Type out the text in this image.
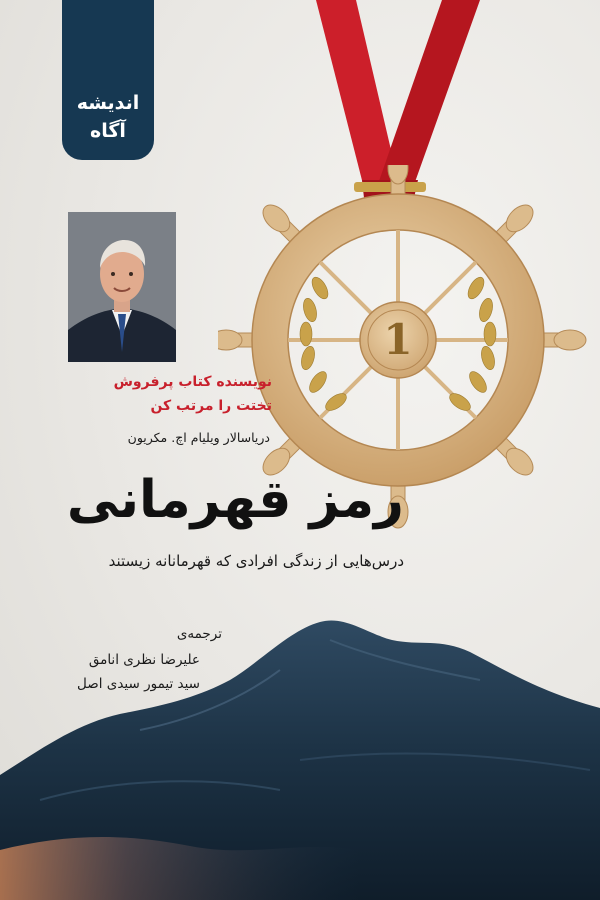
1
اندیشه
آگاه
نویسنده کتاب پرفروش
تختت را مرتب کن
دریاسالار ویلیام اچ. مکریون
رمز قهرمانی
درس‌هایی از زندگی افرادی که قهرمانانه زیستند
ترجمه‌ی
علیرضا نظری انامق
سید تیمور سیدی اصل
